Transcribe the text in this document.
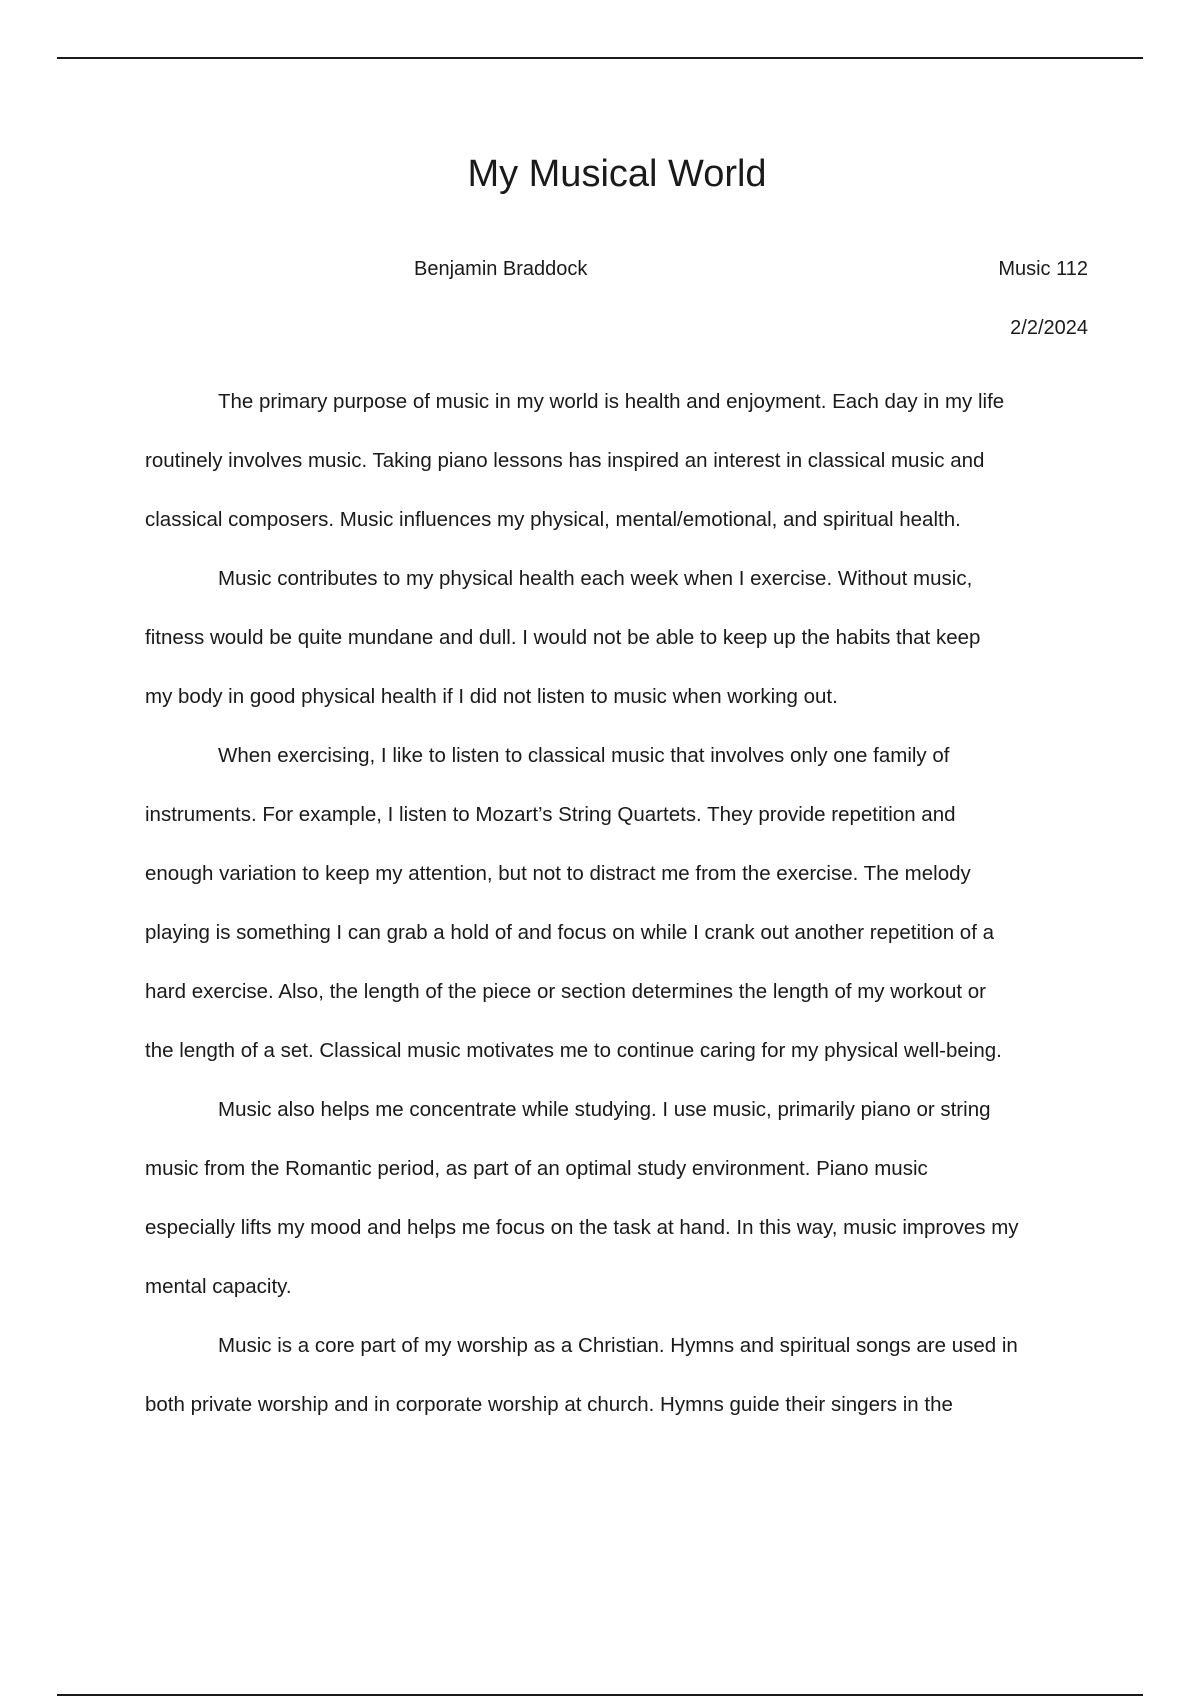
My Musical World
Benjamin Braddock	Music 112
2/2/2024

The primary purpose of music in my world is health and enjoyment. Each day in my life
routinely involves music. Taking piano lessons has inspired an interest in classical music and
classical composers. Music influences my physical, mental/emotional, and spiritual health.

Music contributes to my physical health each week when I exercise. Without music,
fitness would be quite mundane and dull. I would not be able to keep up the habits that keep
my body in good physical health if I did not listen to music when working out.

When exercising, I like to listen to classical music that involves only one family of
instruments. For example, I listen to Mozart’s String Quartets. They provide repetition and
enough variation to keep my attention, but not to distract me from the exercise. The melody
playing is something I can grab a hold of and focus on while I crank out another repetition of a
hard exercise. Also, the length of the piece or section determines the length of my workout or
the length of a set. Classical music motivates me to continue caring for my physical well-being.

Music also helps me concentrate while studying. I use music, primarily piano or string
music from the Romantic period, as part of an optimal study environment. Piano music
especially lifts my mood and helps me focus on the task at hand. In this way, music improves my
mental capacity.

Music is a core part of my worship as a Christian. Hymns and spiritual songs are used in
both private worship and in corporate worship at church. Hymns guide their singers in the
